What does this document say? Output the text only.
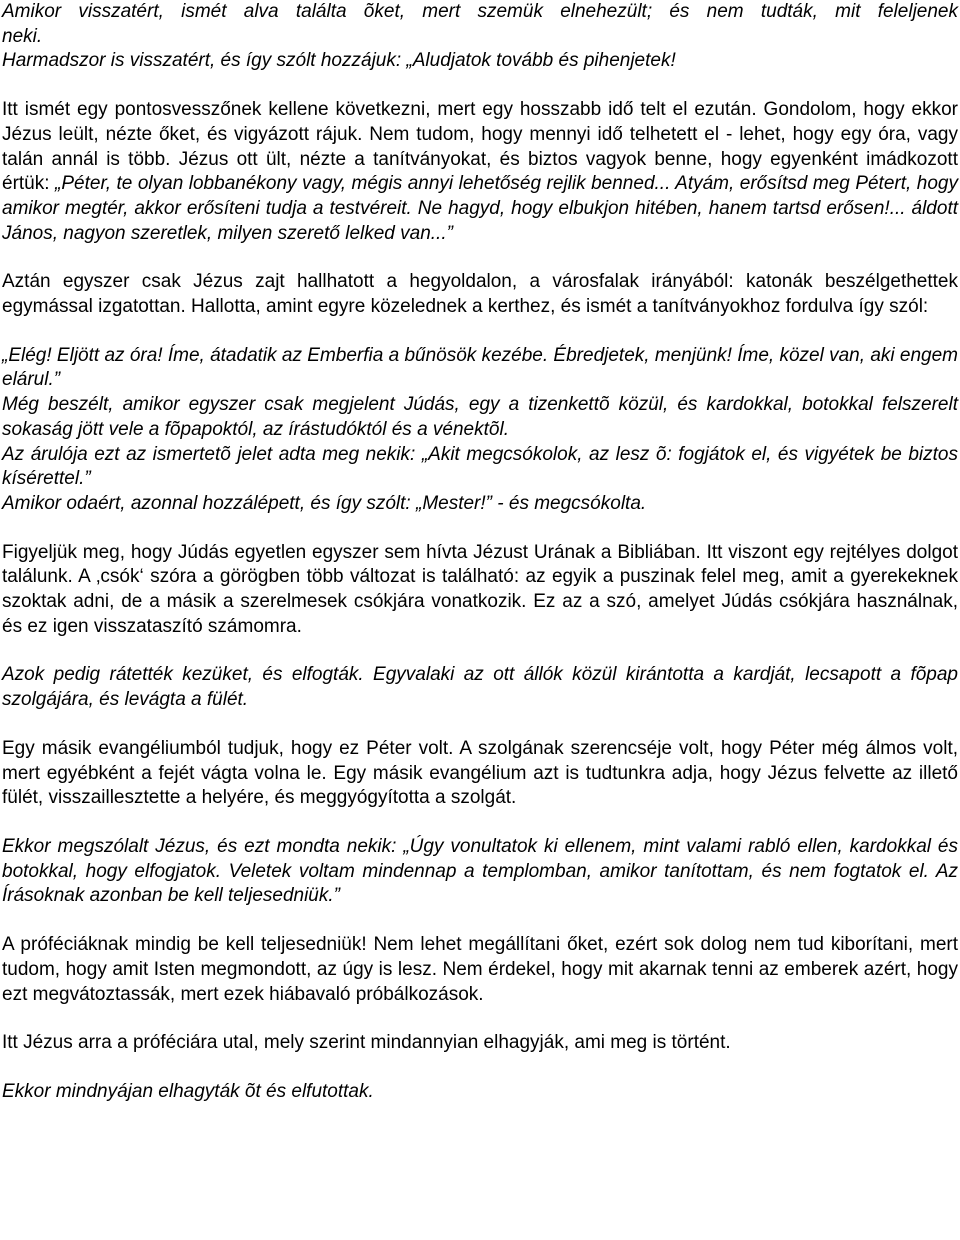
Amikor visszatért, ismét alva találta õket, mert szemük elnehezült; és nem tudták, mit feleljenek
neki.
Harmadszor is visszatért, és így szólt hozzájuk: „Aludjatok tovább és pihenjetek!

Itt ismét egy pontosvesszőnek kellene következni, mert egy hosszabb idő telt el ezután. Gondolom, hogy ekkor Jézus leült, nézte őket, és vigyázott rájuk. Nem tudom, hogy mennyi idő telhetett el - lehet, hogy egy óra, vagy talán annál is több. Jézus ott ült, nézte a tanítványokat, és biztos vagyok benne, hogy egyenként imádkozott értük: „Péter, te olyan lobbanékony vagy, mégis annyi lehetőség rejlik benned... Atyám, erősítsd meg Pétert, hogy amikor megtér, akkor erősíteni tudja a testvéreit. Ne hagyd, hogy elbukjon hitében, hanem tartsd erősen!... áldott János, nagyon szeretlek, milyen szerető lelked van...”

Aztán egyszer csak Jézus zajt hallhatott a hegyoldalon, a városfalak irányából: katonák beszélgethettek egymással izgatottan. Hallotta, amint egyre közelednek a kerthez, és ismét a tanítványokhoz fordulva így szól:

„Elég! Eljött az óra! Íme, átadatik az Emberfia a bűnösök kezébe. Ébredjetek, menjünk! Íme, közel van, aki engem elárul.”
Még beszélt, amikor egyszer csak megjelent Júdás, egy a tizenkettõ közül, és kardokkal, botokkal felszerelt sokaság jött vele a fõpapoktól, az írástudóktól és a vénektõl.
Az árulója ezt az ismertetõ jelet adta meg nekik: „Akit megcsókolok, az lesz õ: fogjátok el, és vigyétek be biztos kísérettel.”
Amikor odaért, azonnal hozzálépett, és így szólt: „Mester!” - és megcsókolta.

Figyeljük meg, hogy Júdás egyetlen egyszer sem hívta Jézust Urának a Bibliában. Itt viszont egy rejtélyes dolgot találunk. A ‚csók‘ szóra a görögben több változat is található: az egyik a puszinak felel meg, amit a gyerekeknek szoktak adni, de a másik a szerelmesek csókjára vonatkozik. Ez az a szó, amelyet Júdás csókjára használnak, és ez igen visszataszító számomra.

Azok pedig rátették kezüket, és elfogták. Egyvalaki az ott állók közül kirántotta a kardját, lecsapott a fõpap szolgájára, és levágta a fülét.

Egy másik evangéliumból tudjuk, hogy ez Péter volt. A szolgának szerencséje volt, hogy Péter még álmos volt, mert egyébként a fejét vágta volna le. Egy másik evangélium azt is tudtunkra adja, hogy Jézus felvette az illető fülét, visszaillesztette a helyére, és meggyógyította a szolgát.

Ekkor megszólalt Jézus, és ezt mondta nekik: „Úgy vonultatok ki ellenem, mint valami rabló ellen, kardokkal és botokkal, hogy elfogjatok. Veletek voltam mindennap a templomban, amikor tanítottam, és nem fogtatok el. Az Írásoknak azonban be kell teljesedniük.”

A próféciáknak mindig be kell teljesedniük! Nem lehet megállítani őket, ezért sok dolog nem tud kiborítani, mert tudom, hogy amit Isten megmondott, az úgy is lesz. Nem érdekel, hogy mit akarnak tenni az emberek azért, hogy ezt megvátoztassák, mert ezek hiábavaló próbálkozások.

Itt Jézus arra a próféciára utal, mely szerint mindannyian elhagyják, ami meg is történt.

Ekkor mindnyájan elhagyták õt és elfutottak.
